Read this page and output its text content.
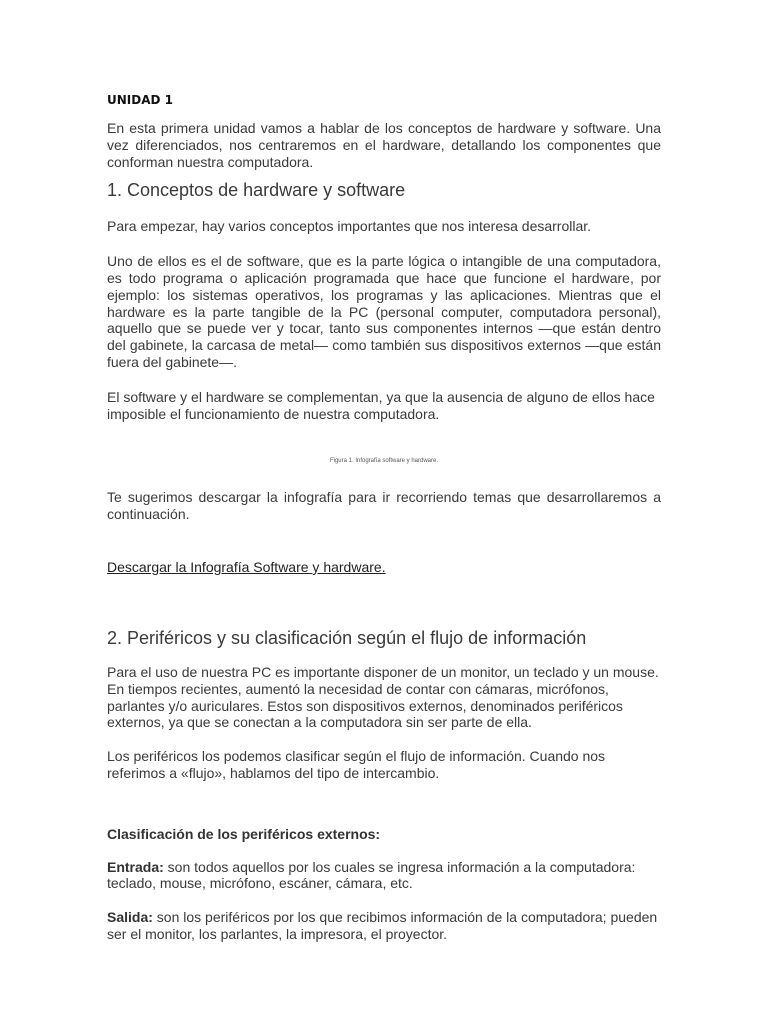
UNIDAD 1

En esta primera unidad vamos a hablar de los conceptos de hardware y software. Una vez diferenciados, nos centraremos en el hardware, detallando los componentes que conforman nuestra computadora.

1. Conceptos de hardware y software

Para empezar, hay varios conceptos importantes que nos interesa desarrollar.

Uno de ellos es el de software, que es la parte lógica o intangible de una computadora, es todo programa o aplicación programada que hace que funcione el hardware, por ejemplo: los sistemas operativos, los programas y las aplicaciones. Mientras que el hardware es la parte tangible de la PC (personal computer, computadora personal), aquello que se puede ver y tocar, tanto sus componentes internos —que están dentro del gabinete, la carcasa de metal— como también sus dispositivos externos —que están fuera del gabinete—.

El software y el hardware se complementan, ya que la ausencia de alguno de ellos hace imposible el funcionamiento de nuestra computadora.

Figura 1. Infografía software y hardware.

Te sugerimos descargar la infografía para ir recorriendo temas que desarrollaremos a continuación.

Descargar la Infografía Software y hardware.
2. Periféricos y su clasificación según el flujo de información

Para el uso de nuestra PC es importante disponer de un monitor, un teclado y un mouse. En tiempos recientes, aumentó la necesidad de contar con cámaras, micrófonos, parlantes y/o auriculares. Estos son dispositivos externos, denominados periféricos externos, ya que se conectan a la computadora sin ser parte de ella.

Los periféricos los podemos clasificar según el flujo de información. Cuando nos referimos a «flujo», hablamos del tipo de intercambio.

Clasificación de los periféricos externos:

Entrada: son todos aquellos por los cuales se ingresa información a la computadora: teclado, mouse, micrófono, escáner, cámara, etc.

Salida: son los periféricos por los que recibimos información de la computadora; pueden ser el monitor, los parlantes, la impresora, el proyector.
